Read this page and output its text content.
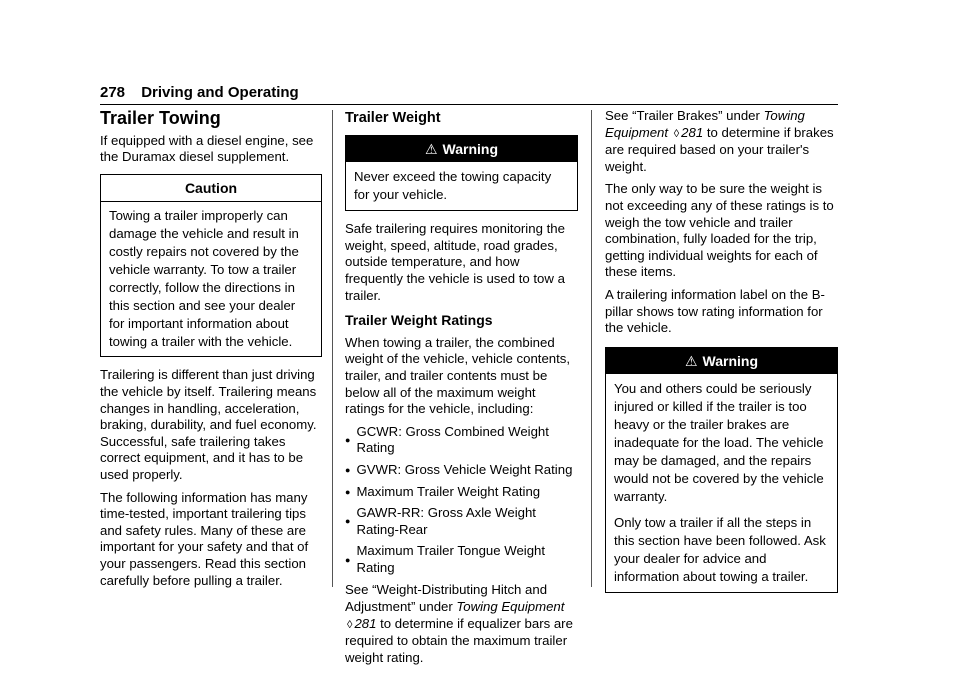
278 Driving and Operating
Trailer Towing

If equipped with a diesel engine, see the Duramax diesel supplement.

Caution
Towing a trailer improperly can damage the vehicle and result in costly repairs not covered by the vehicle warranty. To tow a trailer correctly, follow the directions in this section and see your dealer for important information about towing a trailer with the vehicle.

Trailering is different than just driving the vehicle by itself. Trailering means changes in handling, acceleration, braking, durability, and fuel economy. Successful, safe trailering takes correct equipment, and it has to be used properly.

The following information has many time-tested, important trailering tips and safety rules. Many of these are important for your safety and that of your passengers. Read this section carefully before pulling a trailer.

Trailer Weight
⚠ Warning
Never exceed the towing capacity for your vehicle.

Safe trailering requires monitoring the weight, speed, altitude, road grades, outside temperature, and how frequently the vehicle is used to tow a trailer.

Trailer Weight Ratings

When towing a trailer, the combined weight of the vehicle, vehicle contents, trailer, and trailer contents must be below all of the maximum weight ratings for the vehicle, including:

●
GCWR: Gross Combined Weight Rating
● GVWR: Gross Vehicle Weight Rating
● Maximum Trailer Weight Rating
●
GAWR-RR: Gross Axle Weight Rating-Rear
●
Maximum Trailer Tongue Weight Rating

See “Weight-Distributing Hitch and Adjustment” under Towing Equipment ◊ 281 to determine if equalizer bars are required to obtain the maximum trailer weight rating.

See “Trailer Brakes” under Towing Equipment ◊ 281 to determine if brakes are required based on your trailer's weight.

The only way to be sure the weight is not exceeding any of these ratings is to weigh the tow vehicle and trailer combination, fully loaded for the trip, getting individual weights for each of these items.

A trailering information label on the B-pillar shows tow rating information for the vehicle.

⚠ Warning

You and others could be seriously injured or killed if the trailer is too heavy or the trailer brakes are inadequate for the load. The vehicle may be damaged, and the repairs would not be covered by the vehicle warranty.

Only tow a trailer if all the steps in this section have been followed. Ask your dealer for advice and information about towing a trailer.
